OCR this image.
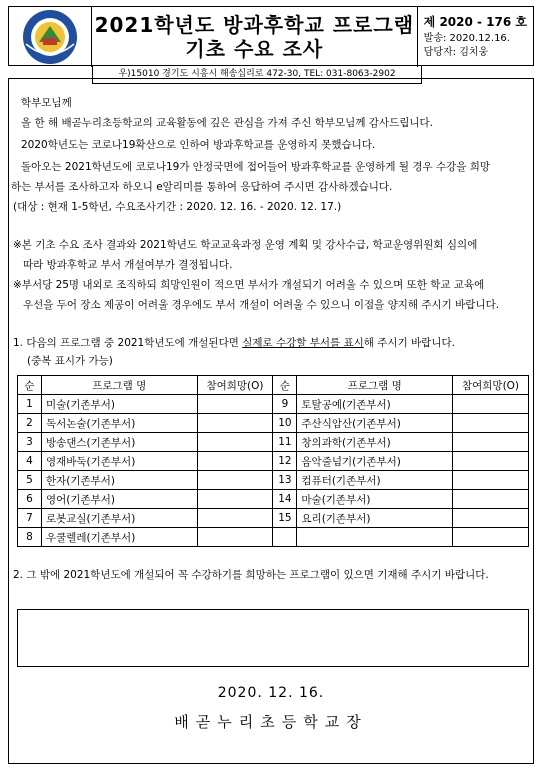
2021학년도 방과후학교 프로그램
기초 수요 조사
제 2020 - 176 호
발송: 2020.12.16.
담당자: 김치웅
우)15010 경기도 시흥시 해송십리로 472-30, TEL: 031-8063-2902
학부모님께
올 한 해 배곧누리초등학교의 교육활동에 깊은 관심을 가져 주신 학부모님께 감사드립니다.
2020학년도는 코로나19확산으로 인하여 방과후학교를 운영하지 못했습니다.
돌아오는 2021학년도에 코로나19가 안정국면에 접어들어 방과후학교를 운영하게 될 경우 수강을 희망
하는 부서를 조사하고자 하오니 e알리미를 통하여 응답하여 주시면 감사하겠습니다.
(대상 : 현재 1-5학년, 수요조사기간 : 2020. 12. 16. - 2020. 12. 17.)
※본 기초 수요 조사 결과와 2021학년도 학교교육과정 운영 계획 및 강사수급, 학교운영위원회 심의에
따라 방과후학교 부서 개설여부가 결정됩니다.
※부서당 25명 내외로 조직하되 희망인원이 적으면 부서가 개설되기 어려울 수 있으며 또한 학교 교육에
우선을 두어 장소 제공이 어려울 경우에도 부서 개설이 어려울 수 있으니 이점을 양지해 주시기 바랍니다.
1. 다음의 프로그램 중 2021학년도에 개설된다면 실제로 수강할 부서를 표시해 주시기 바랍니다.
(중복 표시가 가능)
순	프로그램 명	참여희망(O)	순	프로그램 명	참여희망(O)
1	미술(기존부서)		9	토탈공예(기존부서)	
2	독서논술(기존부서)		10	주산식암산(기존부서)	
3	방송댄스(기존부서)		11	창의과학(기존부서)	
4	영재바둑(기존부서)		12	음악줄넘기(기존부서)	
5	한자(기존부서)		13	컴퓨터(기존부서)	
6	영어(기존부서)		14	마술(기존부서)	
7	로봇교실(기존부서)		15	요리(기존부서)	
8	우쿨렐레(기존부서)				
2. 그 밖에 2021학년도에 개설되어 꼭 수강하기를 희망하는 프로그램이 있으면 기재해 주시기 바랍니다.
2020. 12. 16.
배곧누리초등학교장
